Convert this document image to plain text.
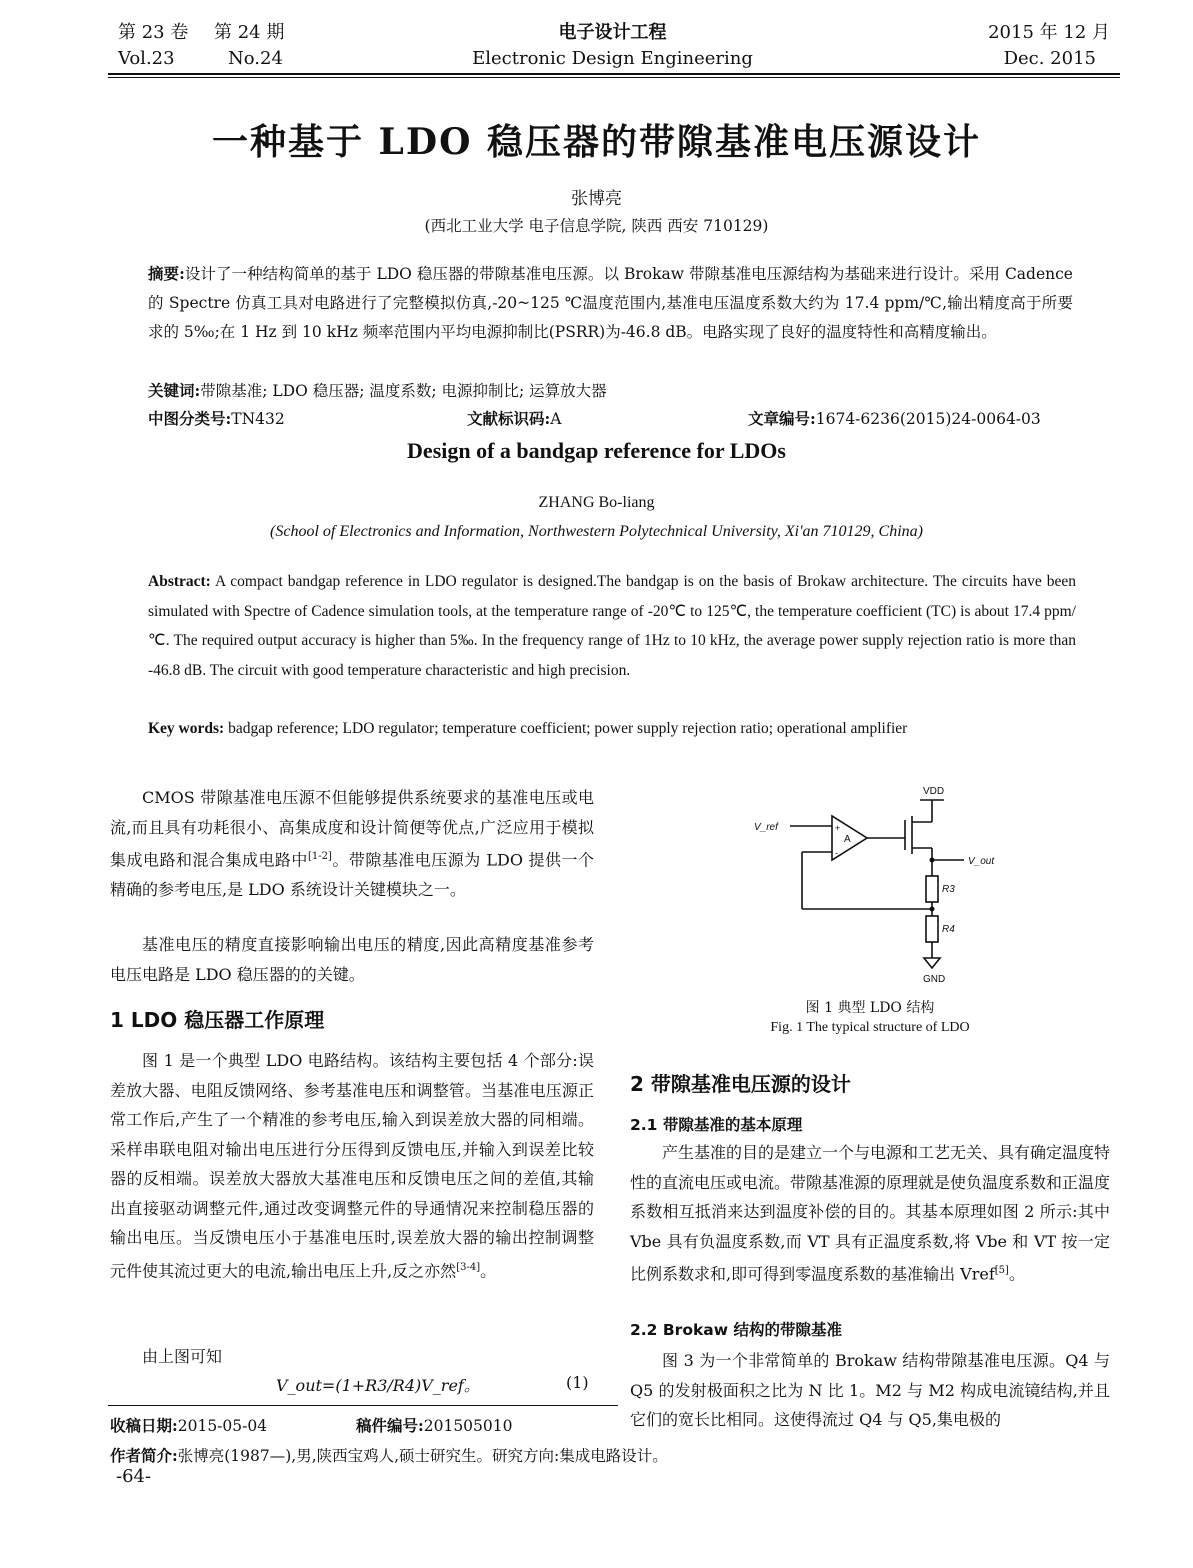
第 23 卷 第 24 期
Vol.23	No.24
电子设计工程
Electronic Design Engineering
2015 年 12 月
Dec. 2015
一种基于 LDO 稳压器的带隙基准电压源设计
张博亮
(西北工业大学 电子信息学院, 陕西 西安 710129)
摘要:设计了一种结构简单的基于 LDO 稳压器的带隙基准电压源。以 Brokaw 带隙基准电压源结构为基础来进行设计。采用 Cadence 的 Spectre 仿真工具对电路进行了完整模拟仿真,-20~125 ℃温度范围内,基准电压温度系数大约为 17.4 ppm/℃,输出精度高于所要求的 5‰;在 1 Hz 到 10 kHz 频率范围内平均电源抑制比(PSRR)为-46.8 dB。电路实现了良好的温度特性和高精度输出。
关键词:带隙基准; LDO 稳压器; 温度系数; 电源抑制比; 运算放大器
中图分类号:TN432	文献标识码:A	文章编号:1674-6236(2015)24-0064-03
Design of a bandgap reference for LDOs
ZHANG Bo-liang
(School of Electronics and Information, Northwestern Polytechnical University, Xi'an 710129, China)
Abstract: A compact bandgap reference in LDO regulator is designed.The bandgap is on the basis of Brokaw architecture. The circuits have been simulated with Spectre of Cadence simulation tools, at the temperature range of -20℃ to 125℃, the temperature coefficient (TC) is about 17.4 ppm/℃. The required output accuracy is higher than 5‰. In the frequency range of 1Hz to 10 kHz, the average power supply rejection ratio is more than -46.8 dB. The circuit with good temperature characteristic and high precision.
Key words: badgap reference; LDO regulator; temperature coefficient; power supply rejection ratio; operational amplifier
CMOS 带隙基准电压源不但能够提供系统要求的基准电压或电流,而且具有功耗很小、高集成度和设计简便等优点,广泛应用于模拟集成电路和混合集成电路中[1-2]。带隙基准电压源为 LDO 提供一个精确的参考电压,是 LDO 系统设计关键模块之一。
基准电压的精度直接影响输出电压的精度,因此高精度基准参考电压电路是 LDO 稳压器的的关键。
1 LDO 稳压器工作原理
图 1 是一个典型 LDO 电路结构。该结构主要包括 4 个部分:误差放大器、电阻反馈网络、参考基准电压和调整管。当基准电压源正常工作后,产生了一个精准的参考电压,输入到误差放大器的同相端。采样串联电阻对输出电压进行分压得到反馈电压,并输入到误差比较器的反相端。误差放大器放大基准电压和反馈电压之间的差值,其输出直接驱动调整元件,通过改变调整元件的导通情况来控制稳压器的输出电压。当反馈电压小于基准电压时,误差放大器的输出控制调整元件使其流过更大的电流,输出电压上升,反之亦然[3-4]。
由上图可知
V_out=(1+R3/R4)V_ref。	(1)
VDD
GND
V_ref
V_out
A
+
-
R3
R4
图 1 典型 LDO 结构
Fig. 1 The typical structure of LDO
2 带隙基准电压源的设计
2.1 带隙基准的基本原理
产生基准的目的是建立一个与电源和工艺无关、具有确定温度特性的直流电压或电流。带隙基准源的原理就是使负温度系数和正温度系数相互抵消来达到温度补偿的目的。其基本原理如图 2 所示:其中 Vbe 具有负温度系数,而 VT 具有正温度系数,将 Vbe 和 VT 按一定比例系数求和,即可得到零温度系数的基准输出 Vref[5]。
2.2 Brokaw 结构的带隙基准
图 3 为一个非常简单的 Brokaw 结构带隙基准电压源。Q4 与 Q5 的发射极面积之比为 N 比 1。M2 与 M2 构成电流镜结构,并且它们的宽长比相同。这使得流过 Q4 与 Q5,集电极的
收稿日期:2015-05-04	稿件编号:201505010
作者简介:张博亮(1987—),男,陕西宝鸡人,硕士研究生。研究方向:集成电路设计。
-64-
